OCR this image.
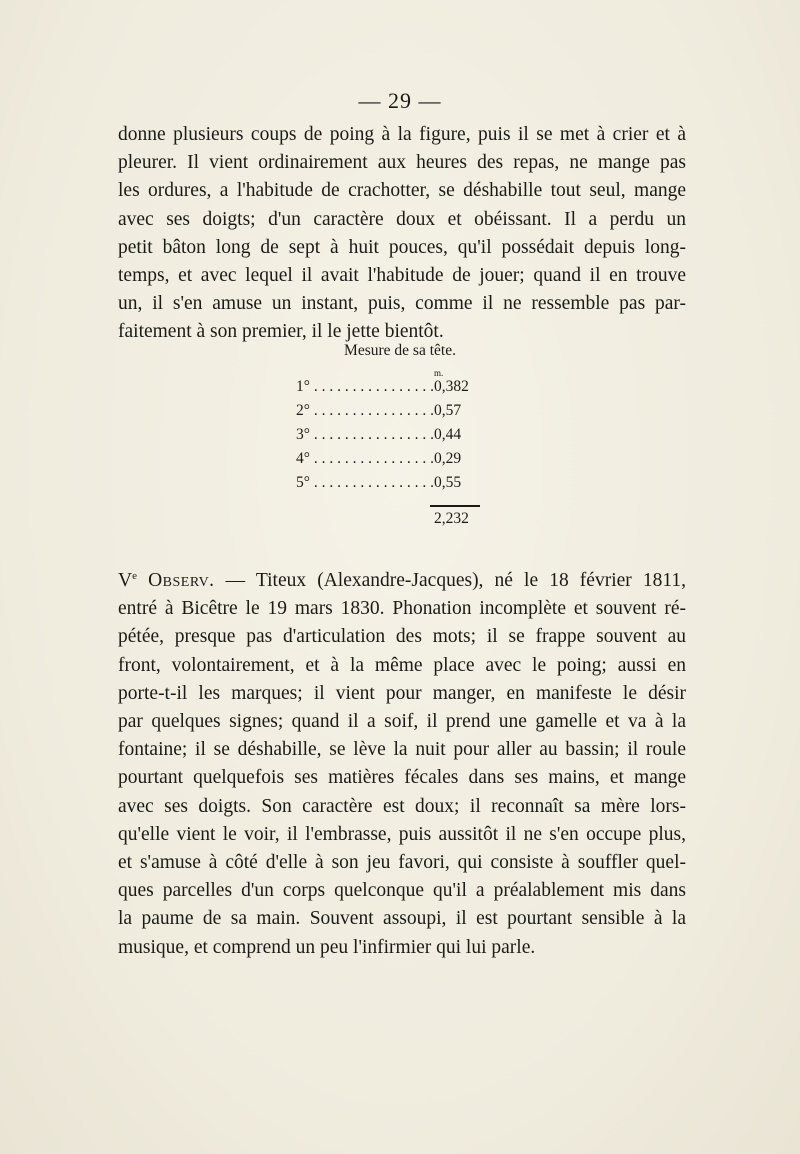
— 29 —
donne plusieurs coups de poing à la figure, puis il se met à crier et à
pleurer. Il vient ordinairement aux heures des repas, ne mange pas
les ordures, a l'habitude de crachotter, se déshabille tout seul, mange
avec ses doigts; d'un caractère doux et obéissant. Il a perdu un
petit bâton long de sept à huit pouces, qu'il possédait depuis long-
temps, et avec lequel il avait l'habitude de jouer; quand il en trouve
un, il s'en amuse un instant, puis, comme il ne ressemble pas par-
faitement à son premier, il le jette bientôt.
Mesure de sa tête.
m.
1° . . .	0,382
2° . . .	0,57
3° . . .	0,44
4° . . .	0,29
5° . . .	0,55
2,232
Ve Observ. — Titeux (Alexandre-Jacques), né le 18 février 1811,
entré à Bicêtre le 19 mars 1830. Phonation incomplète et souvent ré-
pétée, presque pas d'articulation des mots; il se frappe souvent au
front, volontairement, et à la même place avec le poing; aussi en
porte-t-il les marques; il vient pour manger, en manifeste le désir
par quelques signes; quand il a soif, il prend une gamelle et va à la
fontaine; il se déshabille, se lève la nuit pour aller au bassin; il roule
pourtant quelquefois ses matières fécales dans ses mains, et mange
avec ses doigts. Son caractère est doux; il reconnaît sa mère lors-
qu'elle vient le voir, il l'embrasse, puis aussitôt il ne s'en occupe plus,
et s'amuse à côté d'elle à son jeu favori, qui consiste à souffler quel-
ques parcelles d'un corps quelconque qu'il a préalablement mis dans
la paume de sa main. Souvent assoupi, il est pourtant sensible à la
musique, et comprend un peu l'infirmier qui lui parle.
